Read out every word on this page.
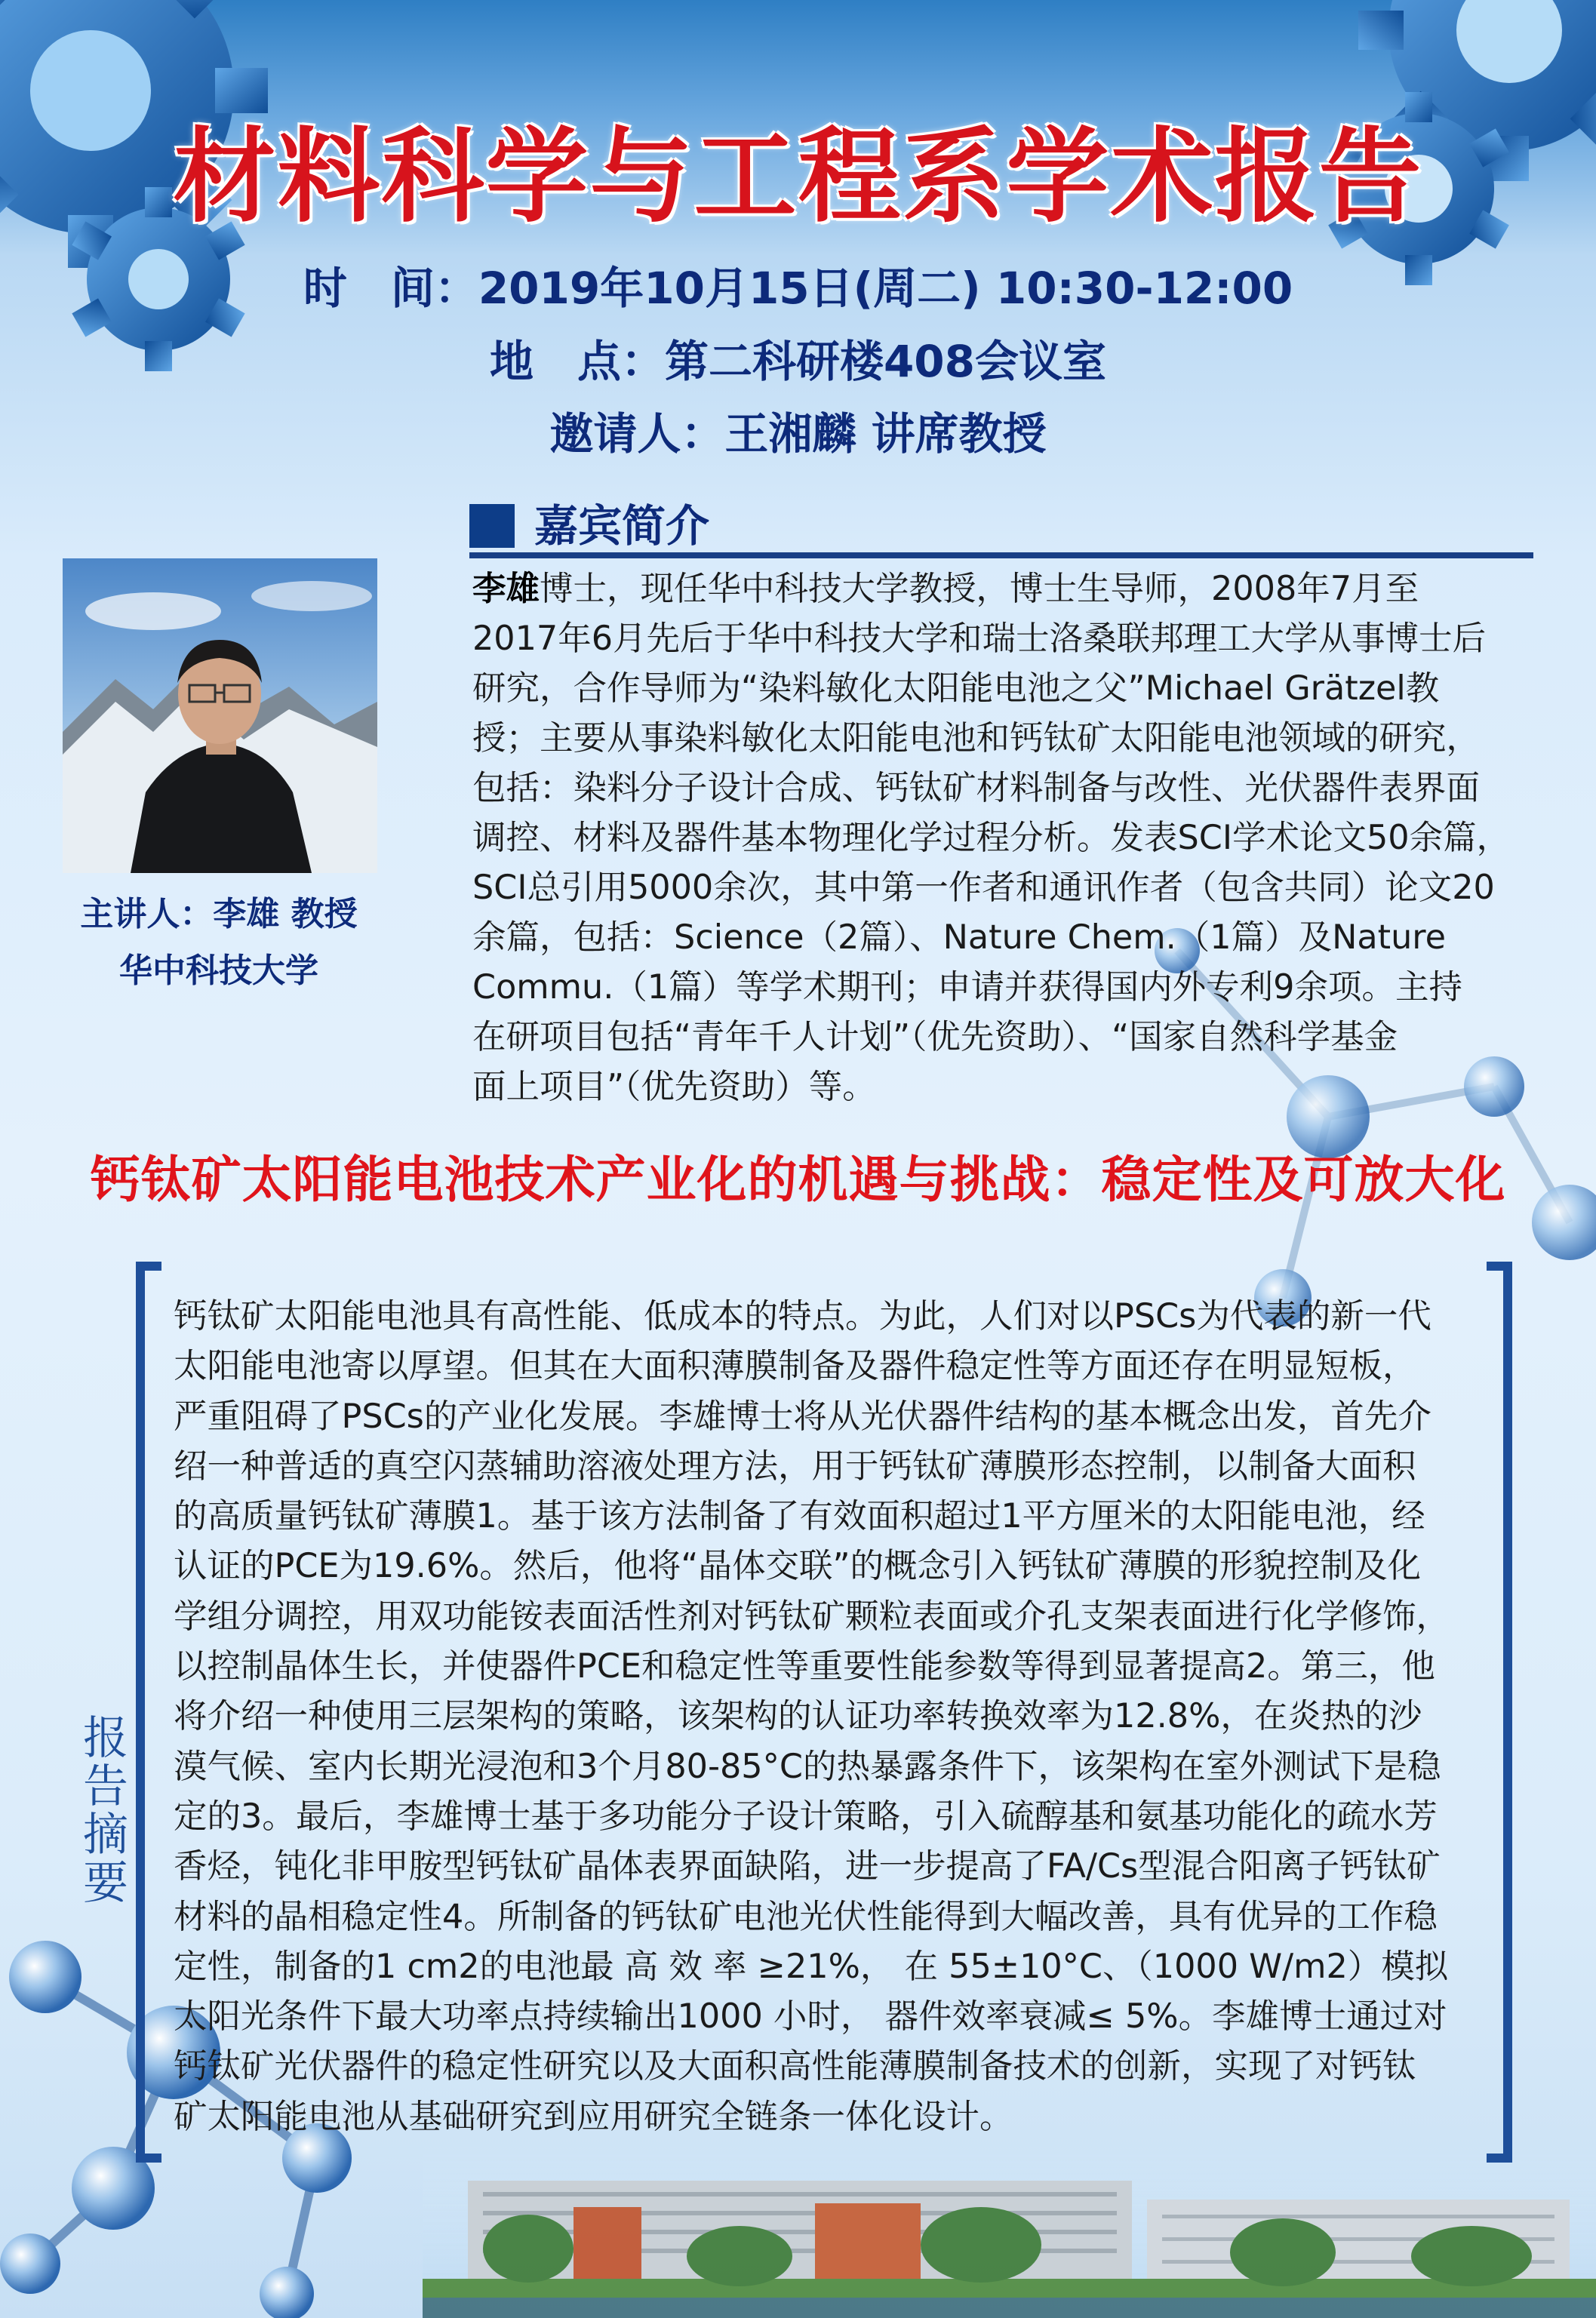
材料科学与工程系学术报告
时　间：2019年10月15日(周二) 10:30-12:00
地　点：第二科研楼408会议室
邀请人：王湘麟 讲席教授
嘉宾简介
主讲人：李雄 教授
华中科技大学
李雄博士，现任华中科技大学教授，博士生导师，2008年7月至
2017年6月先后于华中科技大学和瑞士洛桑联邦理工大学从事博士后
研究，合作导师为“染料敏化太阳能电池之父”Michael Grätzel教
授；主要从事染料敏化太阳能电池和钙钛矿太阳能电池领域的研究，
包括：染料分子设计合成、钙钛矿材料制备与改性、光伏器件表界面
调控、材料及器件基本物理化学过程分析。发表SCI学术论文50余篇，
SCI总引用5000余次，其中第一作者和通讯作者（包含共同）论文20
余篇，包括：Science（2篇）、Nature Chem.（1篇）及Nature
Commu.（1篇）等学术期刊；申请并获得国内外专利9余项。主持
在研项目包括“青年千人计划”（优先资助）、“国家自然科学基金
面上项目”（优先资助）等。
钙钛矿太阳能电池技术产业化的机遇与挑战：稳定性及可放大化
报
告
摘
要
钙钛矿太阳能电池具有高性能、低成本的特点。为此，人们对以PSCs为代表的新一代
太阳能电池寄以厚望。但其在大面积薄膜制备及器件稳定性等方面还存在明显短板，
严重阻碍了PSCs的产业化发展。李雄博士将从光伏器件结构的基本概念出发，首先介
绍一种普适的真空闪蒸辅助溶液处理方法，用于钙钛矿薄膜形态控制，以制备大面积
的高质量钙钛矿薄膜1。基于该方法制备了有效面积超过1平方厘米的太阳能电池，经
认证的PCE为19.6%。然后，他将“晶体交联”的概念引入钙钛矿薄膜的形貌控制及化
学组分调控，用双功能铵表面活性剂对钙钛矿颗粒表面或介孔支架表面进行化学修饰，
以控制晶体生长，并使器件PCE和稳定性等重要性能参数等得到显著提高2。第三，他
将介绍一种使用三层架构的策略，该架构的认证功率转换效率为12.8%，在炎热的沙
漠气候、室内长期光浸泡和3个月80-85°C的热暴露条件下，该架构在室外测试下是稳
定的3。最后，李雄博士基于多功能分子设计策略，引入硫醇基和氨基功能化的疏水芳
香烃，钝化非甲胺型钙钛矿晶体表界面缺陷，进一步提高了FA/Cs型混合阳离子钙钛矿
材料的晶相稳定性4。所制备的钙钛矿电池光伏性能得到大幅改善，具有优异的工作稳
定性，制备的1 cm2的电池最 高 效 率 ≥21%， 在 55±10°C、（1000 W/m2）模拟
太阳光条件下最大功率点持续输出1000 小时， 器件效率衰减≤ 5%。李雄博士通过对
钙钛矿光伏器件的稳定性研究以及大面积高性能薄膜制备技术的创新，实现了对钙钛
矿太阳能电池从基础研究到应用研究全链条一体化设计。
